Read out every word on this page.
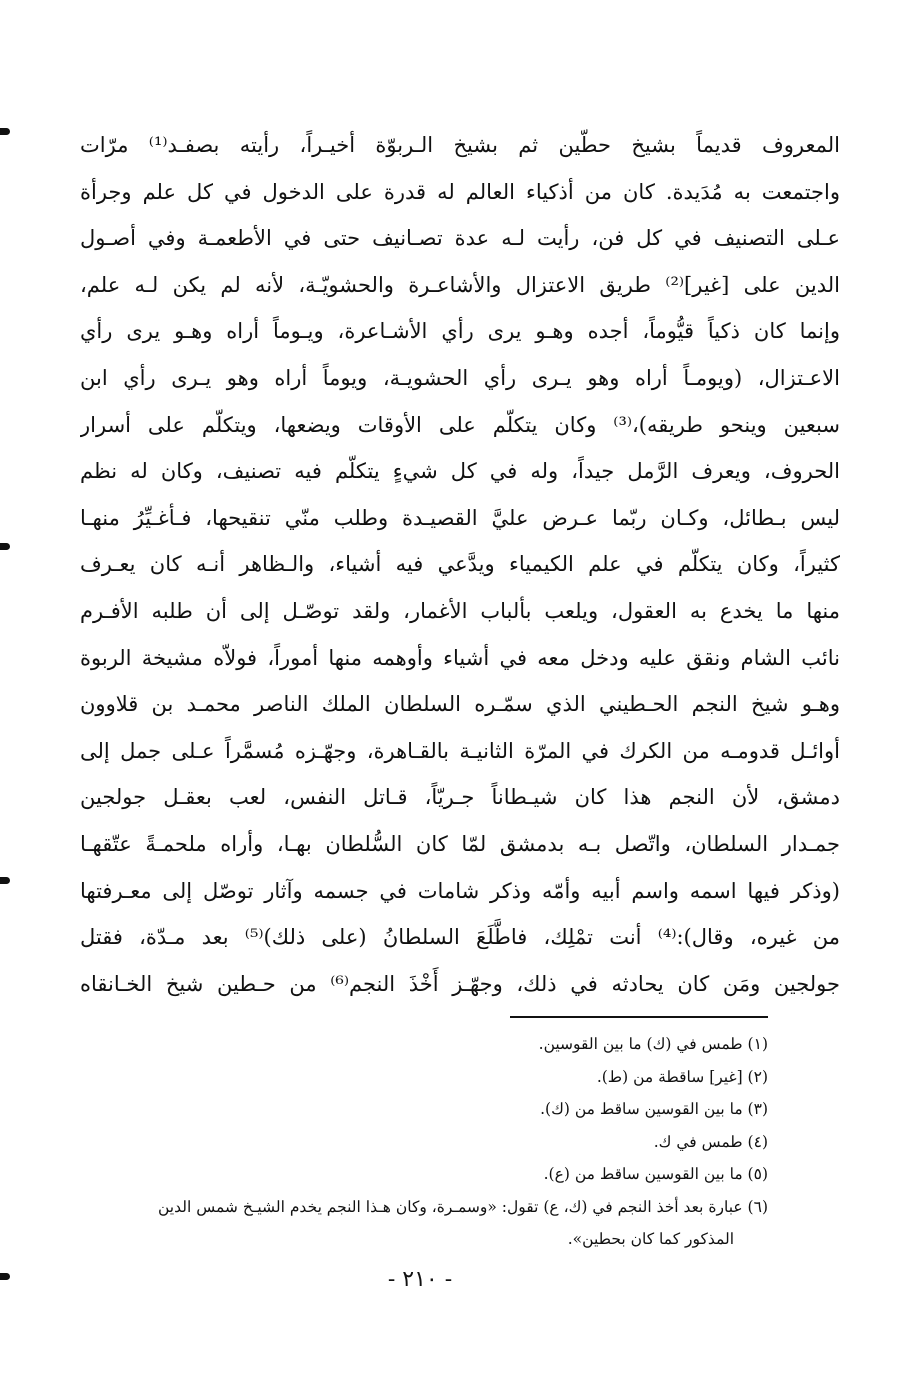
المعروف قديماً بشيخ حطّين ثم بشيخ الـربوّة أخيـراً، رأيته بصفـد⁽¹⁾ مرّات
واجتمعت به مُدَيدة. كان من أذكياء العالم له قدرة على الدخول في كل علم وجرأة
عـلى التصنيف في كل فن، رأيت لـه عدة تصـانيف حتى في الأطعمـة وفي أصـول
الدين على [غير]⁽²⁾ طريق الاعتزال والأشاعـرة والحشويّـة، لأنه لم يكن لـه علم،
وإنما كان ذكياً قيُّوماً، أجده وهـو يرى رأي الأشـاعرة، ويـوماً أراه وهـو يرى رأي
الاعـتزال، (ويومـاً أراه وهو يـرى رأي الحشويـة، ويوماً أراه وهو يـرى رأي ابن
سبعين وينحو طريقه)،⁽³⁾ وكان يتكلّم على الأوقات ويضعها، ويتكلّم على أسرار
الحروف، ويعرف الرَّمل جيداً، وله في كل شيءٍ يتكلّم فيه تصنيف، وكان له نظم
ليس بـطائل، وكـان ربّما عـرض عليَّ القصيـدة وطلب منّي تنقيحها، فـأغـيِّرُ منهـا
كثيراً، وكان يتكلّم في علم الكيمياء ويدَّعي فيه أشياء، والـظاهر أنـه كان يعـرف
منها ما يخدع به العقول، ويلعب بألباب الأغمار، ولقد توصّـل إلى أن طلبه الأفـرم
نائب الشام ونقق عليه ودخل معه في أشياء وأوهمه منها أموراً، فولاّه مشيخة الربوة
وهـو شيخ النجم الحـطيني الذي سمّـره السلطان الملك الناصر محمـد بن قلاوون
أوائـل قدومـه من الكرك في المرّة الثانيـة بالقـاهرة، وجهّـزه مُسمَّراً عـلى جمل إلى
دمشق، لأن النجم هذا كان شيـطاناً جـريّاً، قـاتل النفس، لعب بعقـل جولجين
جمـدار السلطان، واتّصل بـه بدمشق لمّا كان السُّلطان بهـا، وأراه ملحمـةً عتّقهـا
(وذكر فيها اسمه واسم أبيه وأمّه وذكر شامات في جسمه وآثار توصّل إلى معـرفتها
من غيره، وقال):⁽⁴⁾ أنت تمْلِك، فاطَّلَعَ السلطانُ (على ذلك)⁽⁵⁾ بعد مـدّة، فقتل
جولجين ومَن كان يحادثه في ذلك، وجهّـز أَخْذَ النجم⁽⁶⁾ من حـطين شيخ الخـانقاه
(١) طمس في (ك) ما بين القوسين.
(٢) [غير] ساقطة من (ط).
(٣) ما بين القوسين ساقط من (ك).
(٤) طمس في ك.
(٥) ما بين القوسين ساقط من (ع).
(٦) عبارة بعد أخذ النجم في (ك، ع) تقول: «وسمـرة، وكان هـذا النجم يخدم الشيـخ شمس الدين
المذكور كما كان بحطين».
- ٢١٠ -
